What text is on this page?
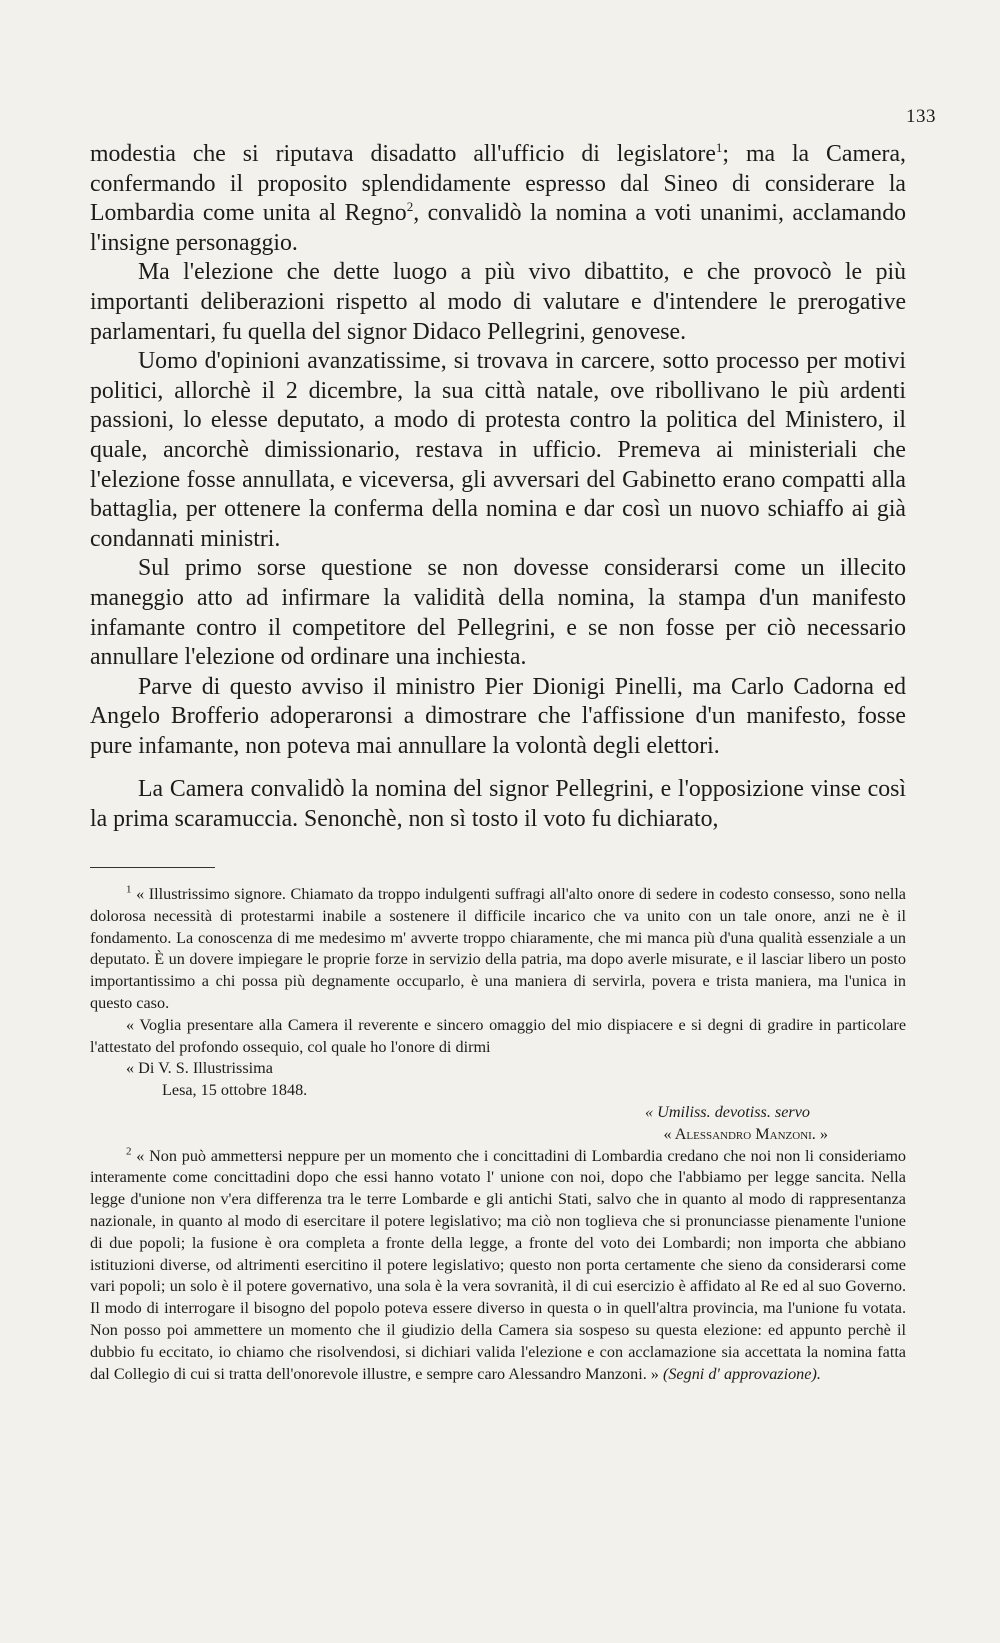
133

modestia che si riputava disadatto all'ufficio di legislatore$^1$; ma la Camera, confermando il proposito splendidamente espresso dal Sineo di considerare la Lombardia come unita al Regno$^2$, convalidò la nomina a voti unanimi, acclamando l'insigne personaggio.

Ma l'elezione che dette luogo a più vivo dibattito, e che provocò le più importanti deliberazioni rispetto al modo di valutare e d'intendere le prerogative parlamentari, fu quella del signor Didaco Pellegrini, genovese.

Uomo d'opinioni avanzatissime, si trovava in carcere, sotto processo per motivi politici, allorchè il 2 dicembre, la sua città natale, ove ribollivano le più ardenti passioni, lo elesse deputato, a modo di protesta contro la politica del Ministero, il quale, ancorchè dimissionario, restava in ufficio. Premeva ai ministeriali che l'elezione fosse annullata, e viceversa, gli avversari del Gabinetto erano compatti alla battaglia, per ottenere la conferma della nomina e dar così un nuovo schiaffo ai già condannati ministri.

Sul primo sorse questione se non dovesse considerarsi come un illecito maneggio atto ad infirmare la validità della nomina, la stampa d'un manifesto infamante contro il competitore del Pellegrini, e se non fosse per ciò necessario annullare l'elezione od ordinare una inchiesta.

Parve di questo avviso il ministro Pier Dionigi Pinelli, ma Carlo Cadorna ed Angelo Brofferio adoperaronsi a dimostrare che l'affissione d'un manifesto, fosse pure infamante, non poteva mai annullare la volontà degli elettori.

La Camera convalidò la nomina del signor Pellegrini, e l'opposizione vinse così la prima scaramuccia. Senonchè, non sì tosto il voto fu dichiarato,

$^1$ « Illustrissimo signore. Chiamato da troppo indulgenti suffragi all'alto onore di sedere in codesto consesso, sono nella dolorosa necessità di protestarmi inabile a sostenere il difficile incarico che va unito con un tale onore, anzi ne è il fondamento. La conoscenza di me medesimo m' avverte troppo chiaramente, che mi manca più d'una qualità essenziale a un deputato. È un dovere impiegare le proprie forze in servizio della patria, ma dopo averle misurate, e il lasciar libero un posto importantissimo a chi possa più degnamente occuparlo, è una maniera di servirla, povera e trista maniera, ma l'unica in questo caso.

« Voglia presentare alla Camera il reverente e sincero omaggio del mio dispiacere e si degni di gradire in particolare l'attestato del profondo ossequio, col quale ho l'onore di dirmi

« Di V. S. Illustrissima

Lesa, 15 ottobre 1848.

« Umiliss. devotiss. servo

« Alessandro Manzoni. »

$^2$ « Non può ammettersi neppure per un momento che i concittadini di Lombardia credano che noi non li consideriamo interamente come concittadini dopo che essi hanno votato l' unione con noi, dopo che l'abbiamo per legge sancita. Nella legge d'unione non v'era differenza tra le terre Lombarde e gli antichi Stati, salvo che in quanto al modo di rappresentanza nazionale, in quanto al modo di esercitare il potere legislativo; ma ciò non toglieva che si pronunciasse pienamente l'unione di due popoli; la fusione è ora completa a fronte della legge, a fronte del voto dei Lombardi; non importa che abbiano istituzioni diverse, od altrimenti esercitino il potere legislativo; questo non porta certamente che sieno da considerarsi come vari popoli; un solo è il potere governativo, una sola è la vera sovranità, il di cui esercizio è affidato al Re ed al suo Governo. Il modo di interrogare il bisogno del popolo poteva essere diverso in questa o in quell'altra provincia, ma l'unione fu votata. Non posso poi ammettere un momento che il giudizio della Camera sia sospeso su questa elezione: ed appunto perchè il dubbio fu eccitato, io chiamo che risolvendosi, si dichiari valida l'elezione e con acclamazione sia accettata la nomina fatta dal Collegio di cui si tratta dell'onorevole illustre, e sempre caro Alessandro Manzoni. » (Segni d' approvazione).
